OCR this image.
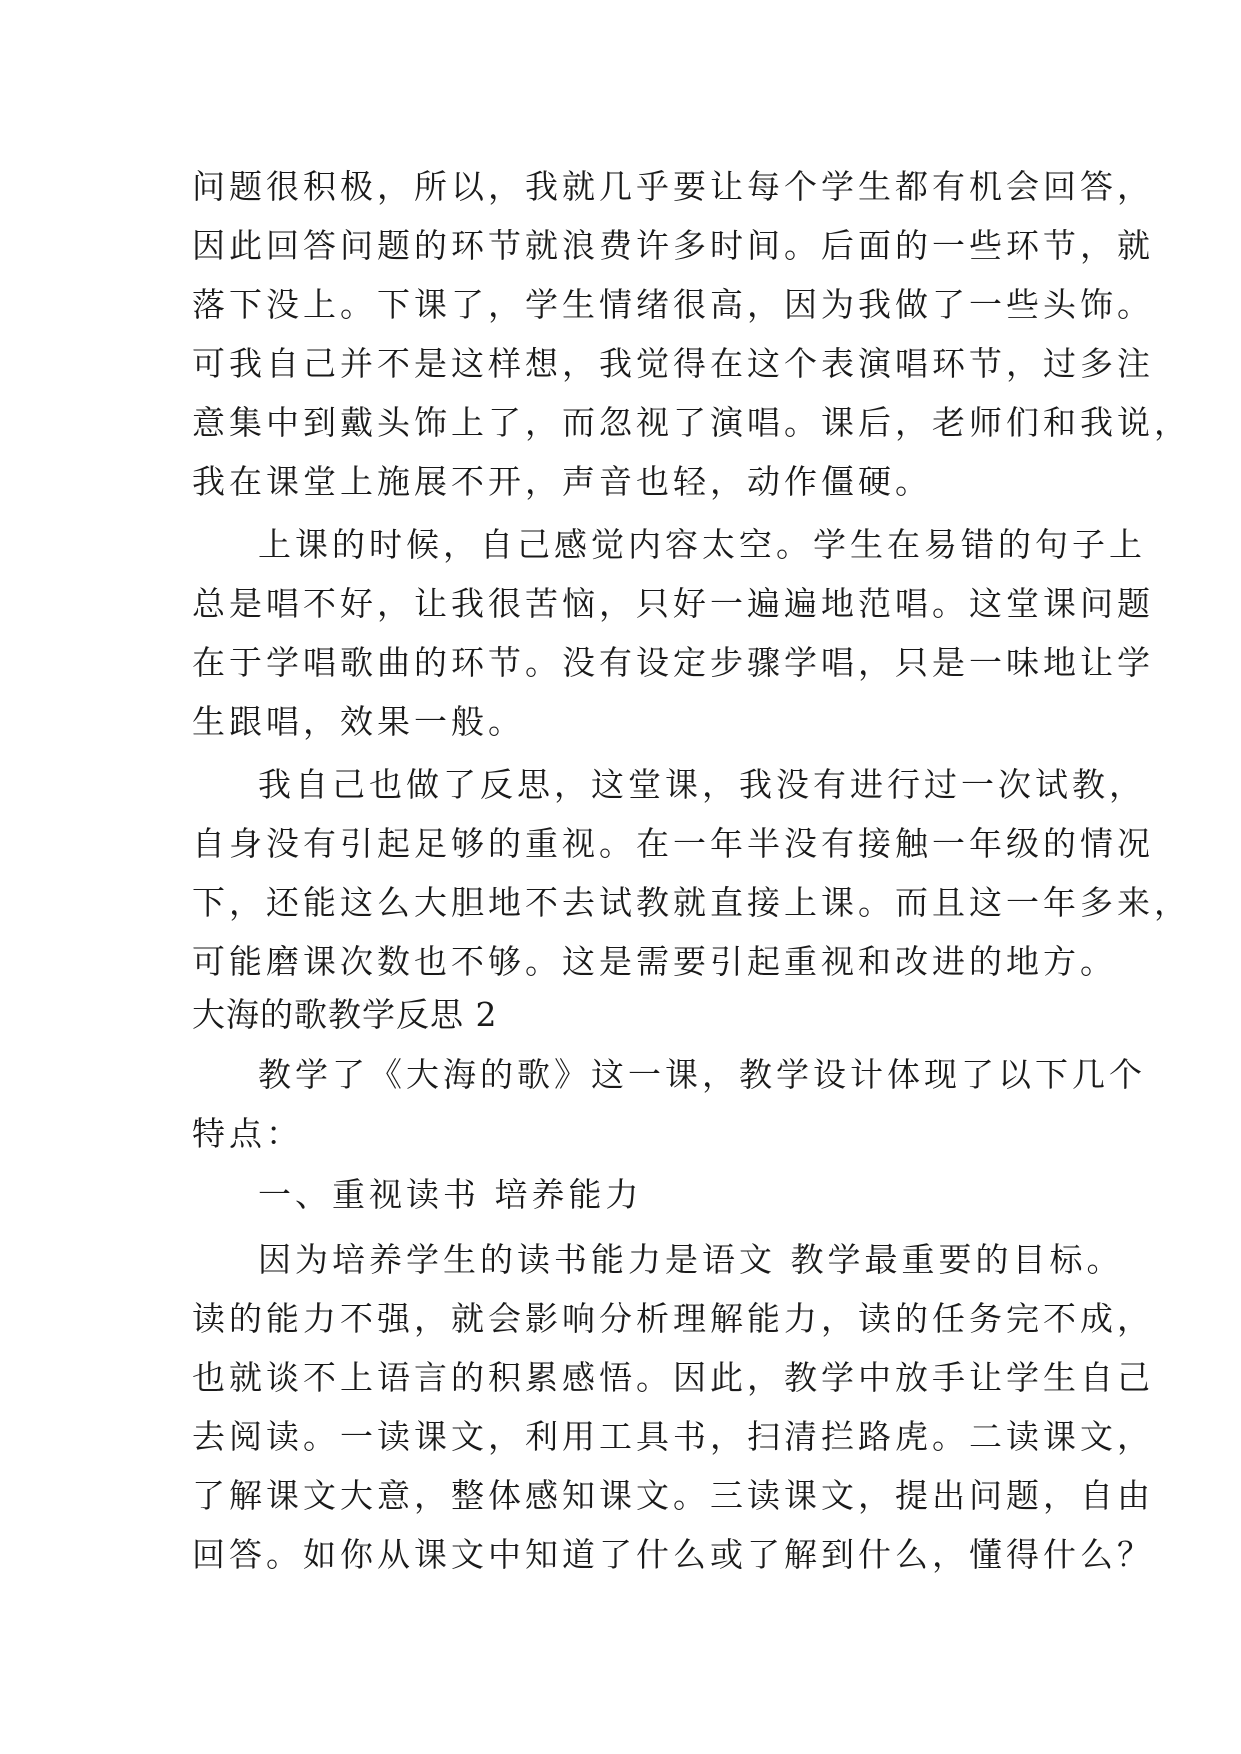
问题很积极，所以，我就几乎要让每个学生都有机会回答，
因此回答问题的环节就浪费许多时间。后面的一些环节，就
落下没上。下课了，学生情绪很高，因为我做了一些头饰。
可我自己并不是这样想，我觉得在这个表演唱环节，过多注
意集中到戴头饰上了，而忽视了演唱。课后，老师们和我说，
我在课堂上施展不开，声音也轻，动作僵硬。
上课的时候，自己感觉内容太空。学生在易错的句子上
总是唱不好，让我很苦恼，只好一遍遍地范唱。这堂课问题
在于学唱歌曲的环节。没有设定步骤学唱，只是一味地让学
生跟唱，效果一般。
我自己也做了反思，这堂课，我没有进行过一次试教，
自身没有引起足够的重视。在一年半没有接触一年级的情况
下，还能这么大胆地不去试教就直接上课。而且这一年多来，
可能磨课次数也不够。这是需要引起重视和改进的地方。
大海的歌教学反思 2
教学了《大海的歌》这一课，教学设计体现了以下几个
特点：
一、重视读书 培养能力
因为培养学生的读书能力是语文 教学最重要的目标。
读的能力不强，就会影响分析理解能力，读的任务完不成，
也就谈不上语言的积累感悟。因此，教学中放手让学生自己
去阅读。一读课文，利用工具书，扫清拦路虎。二读课文，
了解课文大意，整体感知课文。三读课文，提出问题，自由
回答。如你从课文中知道了什么或了解到什么，懂得什么？
